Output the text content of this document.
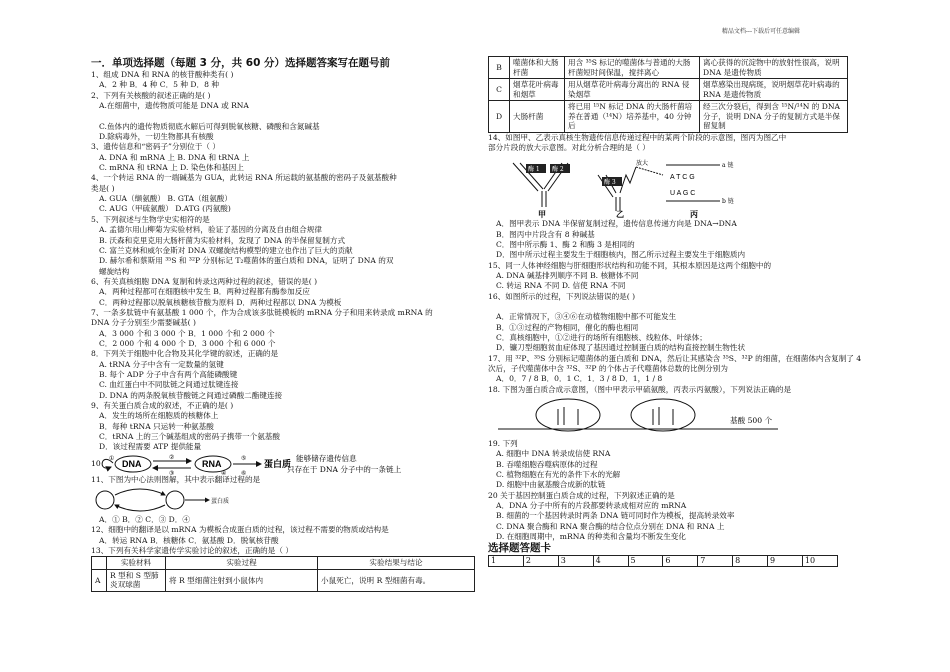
精品文档---下载后可任意编辑

一．单项选择题（每题 3 分，共 60 分）选择题答案写在题号前

1、组成 DNA 和 RNA 的核苷酸种类有( )

A．2 种 B．4 种 C．5 种 D．8 种

2、下列有关核酸的叙述正确的是( )

A.在细菌中，遗传物质可能是 DNA 或 RNA

C.鱼体内的遗传物质彻底水解后可得到脱氧核糖、磷酸和含氮碱基

D.除病毒外，一切生物都具有核酸

3、遗传信息和“密码子”分别位于（ ）

A. DNA 和 mRNA 上 B. DNA 和 tRNA 上

C. mRNA 和 tRNA 上 D. 染色体和基因上

4、一个转运 RNA 的一端碱基为 GUA，此转运 RNA 所运载的氨基酸的密码子及氨基酸种

类是( )

A. GUA（缬氨酸） B. GTA（组氨酸）

C. AUG（甲硫氨酸） D.ATG (丙氨酸)

5、下列叙述与生物学史实相符的是

A. 孟德尔用山柳菊为实验材料，验证了基因的分离及自由组合规律

B. 沃森和克里克用大肠杆菌为实验材料，发现了 DNA 的半保留复制方式

C. 富兰克林和威尔金斯对 DNA 双螺旋结构模型的建立也作出了巨大的贡献

D. 赫尔希和蔡斯用 ³⁵S 和 ³²P 分别标记 T₂噬菌体的蛋白质和 DNA，证明了 DNA 的双

螺旋结构

6、有关真核细胞 DNA 复制和转录这两种过程的叙述，错误的是( )

A．两种过程都可在细胞核中发生 B．两种过程都有酶参加反应

C．两种过程都以脱氧核糖核苷酸为原料 D．两种过程都以 DNA 为模板

7、一条多肽链中有氨基酸 1 000 个，作为合成该多肽链模板的 mRNA 分子和用来转录成 mRNA 的

DNA 分子分别至少需要碱基( )

A．3 000 个和 3 000 个 B．1 000 个和 2 000 个

C．2 000 个和 4 000 个 D．3 000 个和 6 000 个

8．下列关于细胞中化合物及其化学键的叙述，正确的是

A. tRNA 分子中含有一定数量的氢键

B. 每个 ADP 分子中含有两个高能磷酸键

C. 血红蛋白中不同肽链之间通过肽键连接

D. DNA 的两条脱氧核苷酸链之间通过磷酸二酯键连接

9、有关蛋白质合成的叙述，不正确的是( )

A．发生的场所在细胞质的核糖体上

B．每种 tRNA 只运转一种氨基酸

C．tRNA 上的三个碱基组成的密码子携带一个氨基酸

D．该过程需要 ATP 提供能量

10 DNA
①	②
③
RNA
⑤
蛋白质
④ ⑥
能够储存遗传信息
只存在于 DNA 分子中的一条链上

11、下图为中心法则图解，其中表示翻译过程的是

蛋白质

A．① B．② C．③ D．④

12、细胞中的翻译是以 mRNA 为模板合成蛋白质的过程，该过程不需要的物质或结构是

A．转运 RNA B．核糖体 C．氨基酸 D．脱氧核苷酸

13、下列有关科学家遗传学实验讨论的叙述，正确的是（ ）

	实验材料	实验过程	实验结果与结论
A	R 型和 S 型肺炎双球菌	将 R 型细菌注射到小鼠体内	小鼠死亡，说明 R 型细菌有毒。
B	噬菌体和大肠杆菌	用含 ³⁵S 标记的噬菌体与普通的大肠杆菌短时间保温，搅拌离心	离心获得的沉淀物中的放射性很高，说明 DNA 是遗传物质
C	烟草花叶病毒和烟草	用从烟草花叶病毒分离出的 RNA 侵染烟草	烟草感染出现病斑，说明烟草花叶病毒的 RNA 是遗传物质
D	大肠杆菌	将已用 ¹⁵N 标记 DNA 的大肠杆菌培养在普通（¹⁴N）培养基中，40 分钟后	经三次分裂后，得到含 ¹⁵N/¹⁴N 的 DNA 分子，说明 DNA 分子的复制方式是半保留复制

14、如图甲、乙表示真核生物遗传信息传递过程中的某两个阶段的示意图，图丙为图乙中

部分片段的放大示意图。对此分析合理的是（ ）

酶 1 酶 2
甲
酶 3
乙
放大	a 链
A T C G
U A G C
b 链
丙

A．图甲表示 DNA 半保留复制过程，遗传信息传递方向是 DNA→DNA

B．图丙中片段含有 8 种碱基

C．图中所示酶 1、酶 2 和酶 3 是相同的

D．图中所示过程主要发生于细胞核内，图乙所示过程主要发生于细胞质内

15、同一人体神经细胞与肝细胞形状结构和功能不同，其根本原因是这两个细胞中的

A. DNA 碱基排列顺序不同 B. 核糖体不同

C. 转运 RNA 不同 D. 信使 RNA 不同

16、如图所示的过程，下列说法错误的是( )

A．正常情况下，③④⑥在动植物细胞中都不可能发生

B．①③过程的产物相同，催化的酶也相同

C．真核细胞中，①②进行的场所有细胞核、线粒体、叶绿体；

D．镰刀型细胞贫血症体现了基因通过控制蛋白质的结构直接控制生物性状

17、用 ³²P、³⁵S 分别标记噬菌体的蛋白质和 DNA，然后让其感染含 ³⁵S、³²P 的细菌，在细菌体内含复制了 4

次后，子代噬菌体中含 ³²S、³²P 的个体占子代噬菌体总数的比例分别为

A．0．7 / 8 B．0．1 C．1．3 / 8 D．1，1 / 8

18. 下图为蛋白质合成示意图，（图中甲表示甲硫氨酸，丙表示丙氨酸），下列说法正确的是

基酸 500 个

19. 下列

A. 细胞中 DNA 转录成信使 RNA

B. 吞噬细胞吞噬病原体的过程

C. 植物细胞在有光的条件下水的光解

D. 细胞中由氨基酸合成新的肽链

20 关于基因控制蛋白质合成的过程，下列叙述正确的是

A．DNA 分子中所有的片段都要转录成相对应的 mRNA

B. 细菌的一个基因转录时两条 DNA 链可同时作为模板，提高转录效率

C. DNA 聚合酶和 RNA 聚合酶的结合位点分别在 DNA 和 RNA 上

D. 在细胞周期中，mRNA 的种类和含量均不断发生变化

选择题答题卡

1	2	3	4	5	6	7	8	9	10
